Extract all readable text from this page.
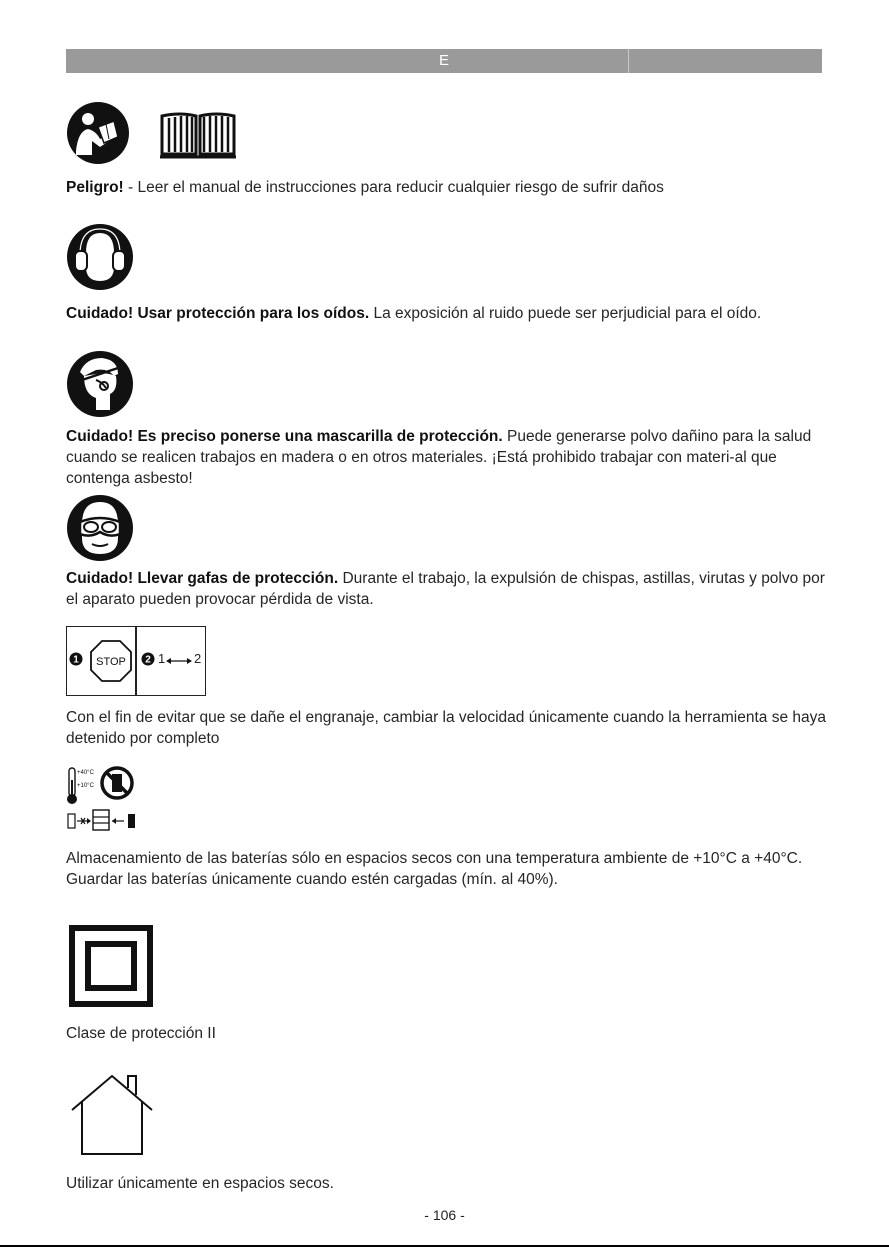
E
Peligro! - Leer el manual de instrucciones para reducir cualquier riesgo de sufrir daños
Cuidado! Usar protección para los oídos. La exposición al ruido puede ser perjudicial para el oído.
Cuidado! Es preciso ponerse una mascarilla de protección. Puede generarse polvo dañino para la salud cuando se realicen trabajos en madera o en otros materiales. ¡Está prohibido trabajar con materi-al que contenga asbesto!
Cuidado! Llevar gafas de protección. Durante el trabajo, la expulsión de chispas, astillas, virutas y polvo por el aparato pueden provocar pérdida de vista.
1 STOP 2 1 2
Con el fin de evitar que se dañe el engranaje, cambiar la velocidad únicamente cuando la herramienta se haya detenido por completo
+40°C
+10°C
Almacenamiento de las baterías sólo en espacios secos con una temperatura ambiente de +10°C a +40°C. Guardar las baterías únicamente cuando estén cargadas (mín. al 40%).
Clase de protección II
Utilizar únicamente en espacios secos.
- 106 -
